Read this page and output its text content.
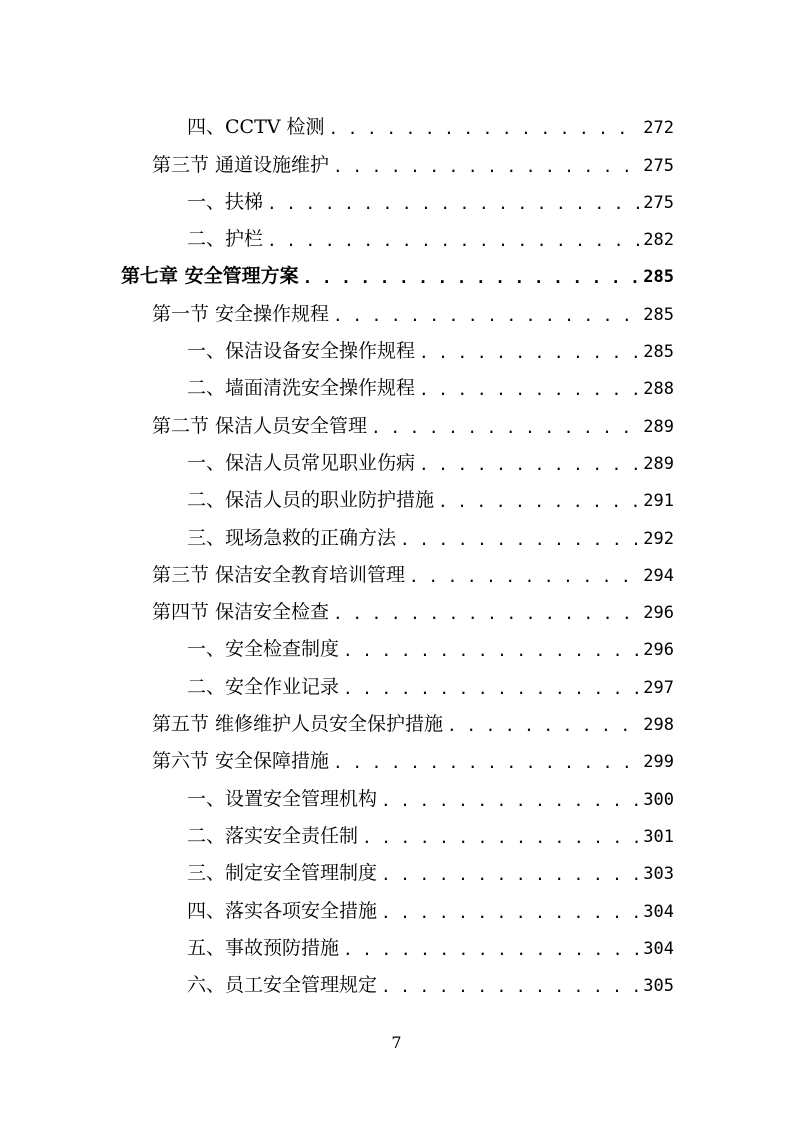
四、CCTV 检测 . . .	272
第三节 通道设施维护 . . .	275
一、扶梯 . . .	275
二、护栏 . . .	282
第七章 安全管理方案 . . .	285
第一节 安全操作规程 . . .	285
一、保洁设备安全操作规程 . . .	285
二、墙面清洗安全操作规程 . . .	288
第二节 保洁人员安全管理 . . .	289
一、保洁人员常见职业伤病 . . .	289
二、保洁人员的职业防护措施 . . .	291
三、现场急救的正确方法 . . .	292
第三节 保洁安全教育培训管理 . . .	294
第四节 保洁安全检查 . . .	296
一、安全检查制度 . . .	296
二、安全作业记录 . . .	297
第五节 维修维护人员安全保护措施 . . .	298
第六节 安全保障措施 . . .	299
一、设置安全管理机构 . . .	300
二、落实安全责任制 . . .	301
三、制定安全管理制度 . . .	303
四、落实各项安全措施 . . .	304
五、事故预防措施 . . .	304
六、员工安全管理规定 . . .	305
7
